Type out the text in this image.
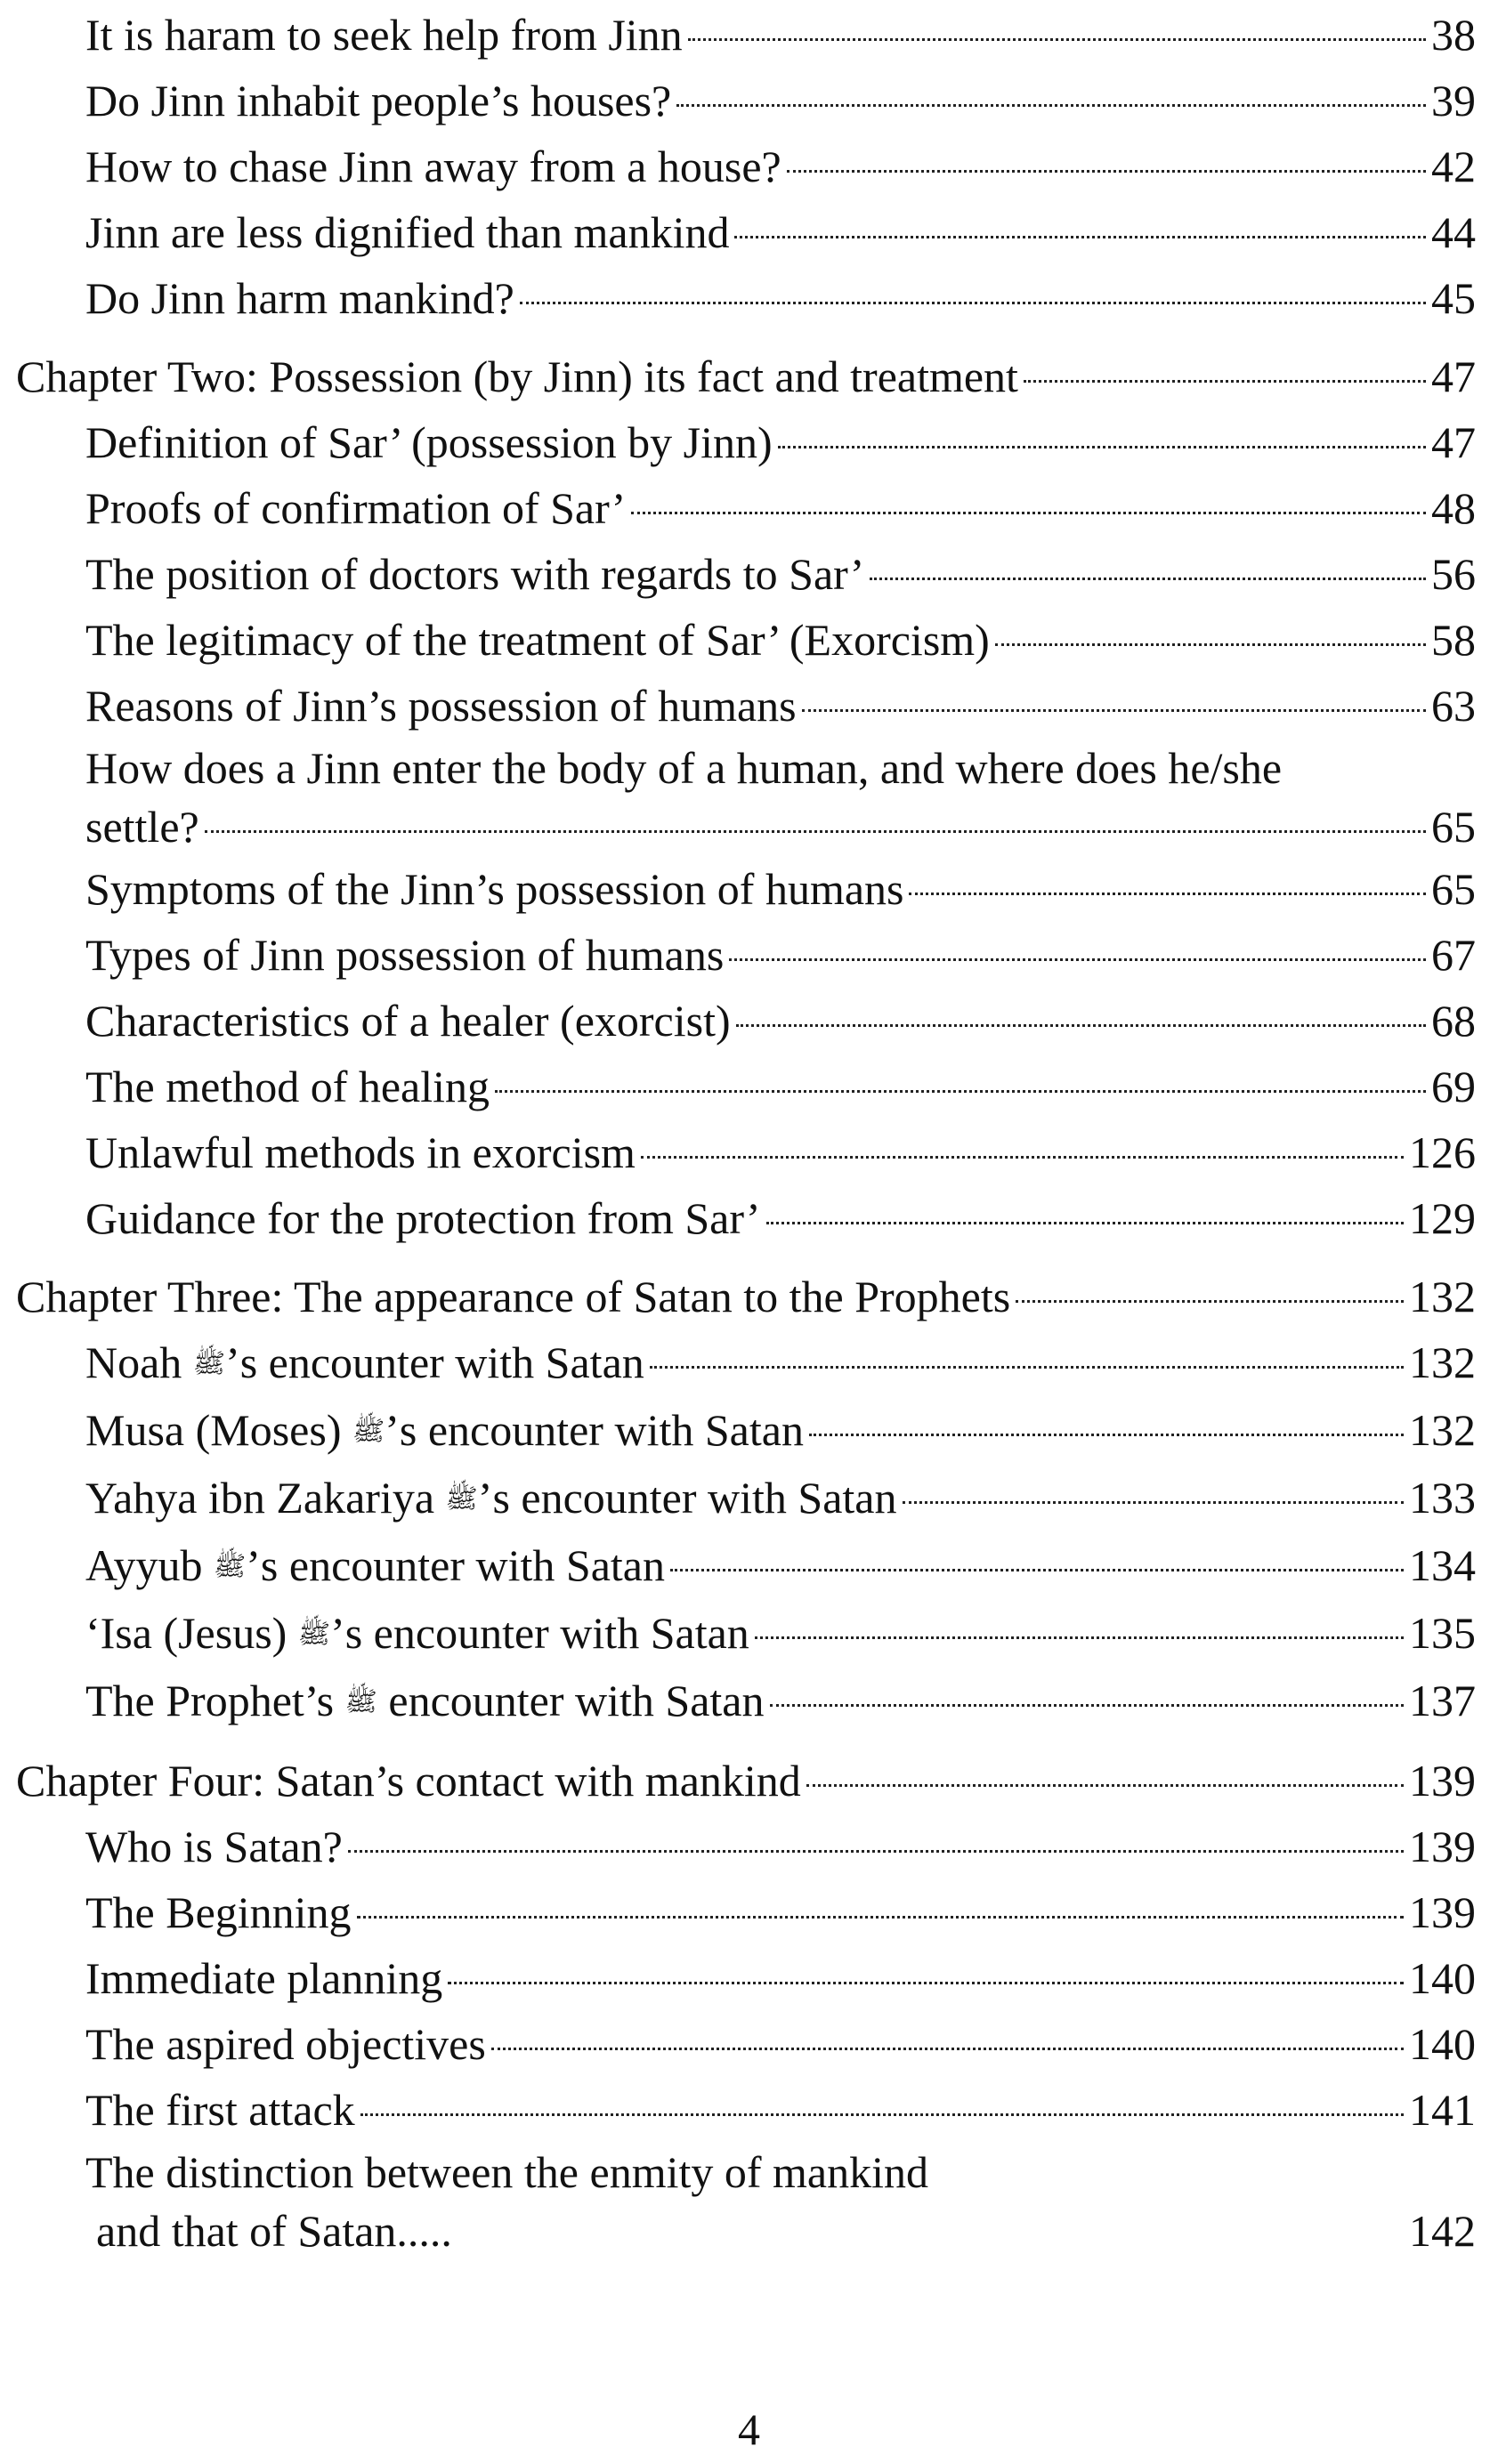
It is haram to seek help from Jinn	38
Do Jinn inhabit people’s houses?	39
How to chase Jinn away from a house?	42
Jinn are less dignified than mankind	44
Do Jinn harm mankind?	45
Chapter Two: Possession (by Jinn) its fact and treatment	47
Definition of Sar’ (possession by Jinn)	47
Proofs of confirmation of Sar’	48
The position of doctors with regards to Sar’	56
The legitimacy of the treatment of Sar’ (Exorcism)	58
Reasons of Jinn’s possession of humans	63
How does a Jinn enter the body of a human, and where does he/she
settle?	65
Symptoms of the Jinn’s possession of humans	65
Types of Jinn possession of humans	67
Characteristics of a healer (exorcist)	68
The method of healing	69
Unlawful methods in exorcism	126
Guidance for the protection from Sar’	129
Chapter Three: The appearance of Satan to the Prophets	132
Noah ﷺ’s encounter with Satan	132
Musa (Moses) ﷺ’s encounter with Satan	132
Yahya ibn Zakariya ﷺ’s encounter with Satan	133
Ayyub ﷺ’s encounter with Satan	134
‘Isa (Jesus) ﷺ’s encounter with Satan	135
The Prophet’s ﷺ encounter with Satan	137
Chapter Four: Satan’s contact with mankind	139
Who is Satan?	139
The Beginning	139
Immediate planning	140
The aspired objectives	140
The first attack	141
The distinction between the enmity of mankind
and that of Satan.....	142
4
